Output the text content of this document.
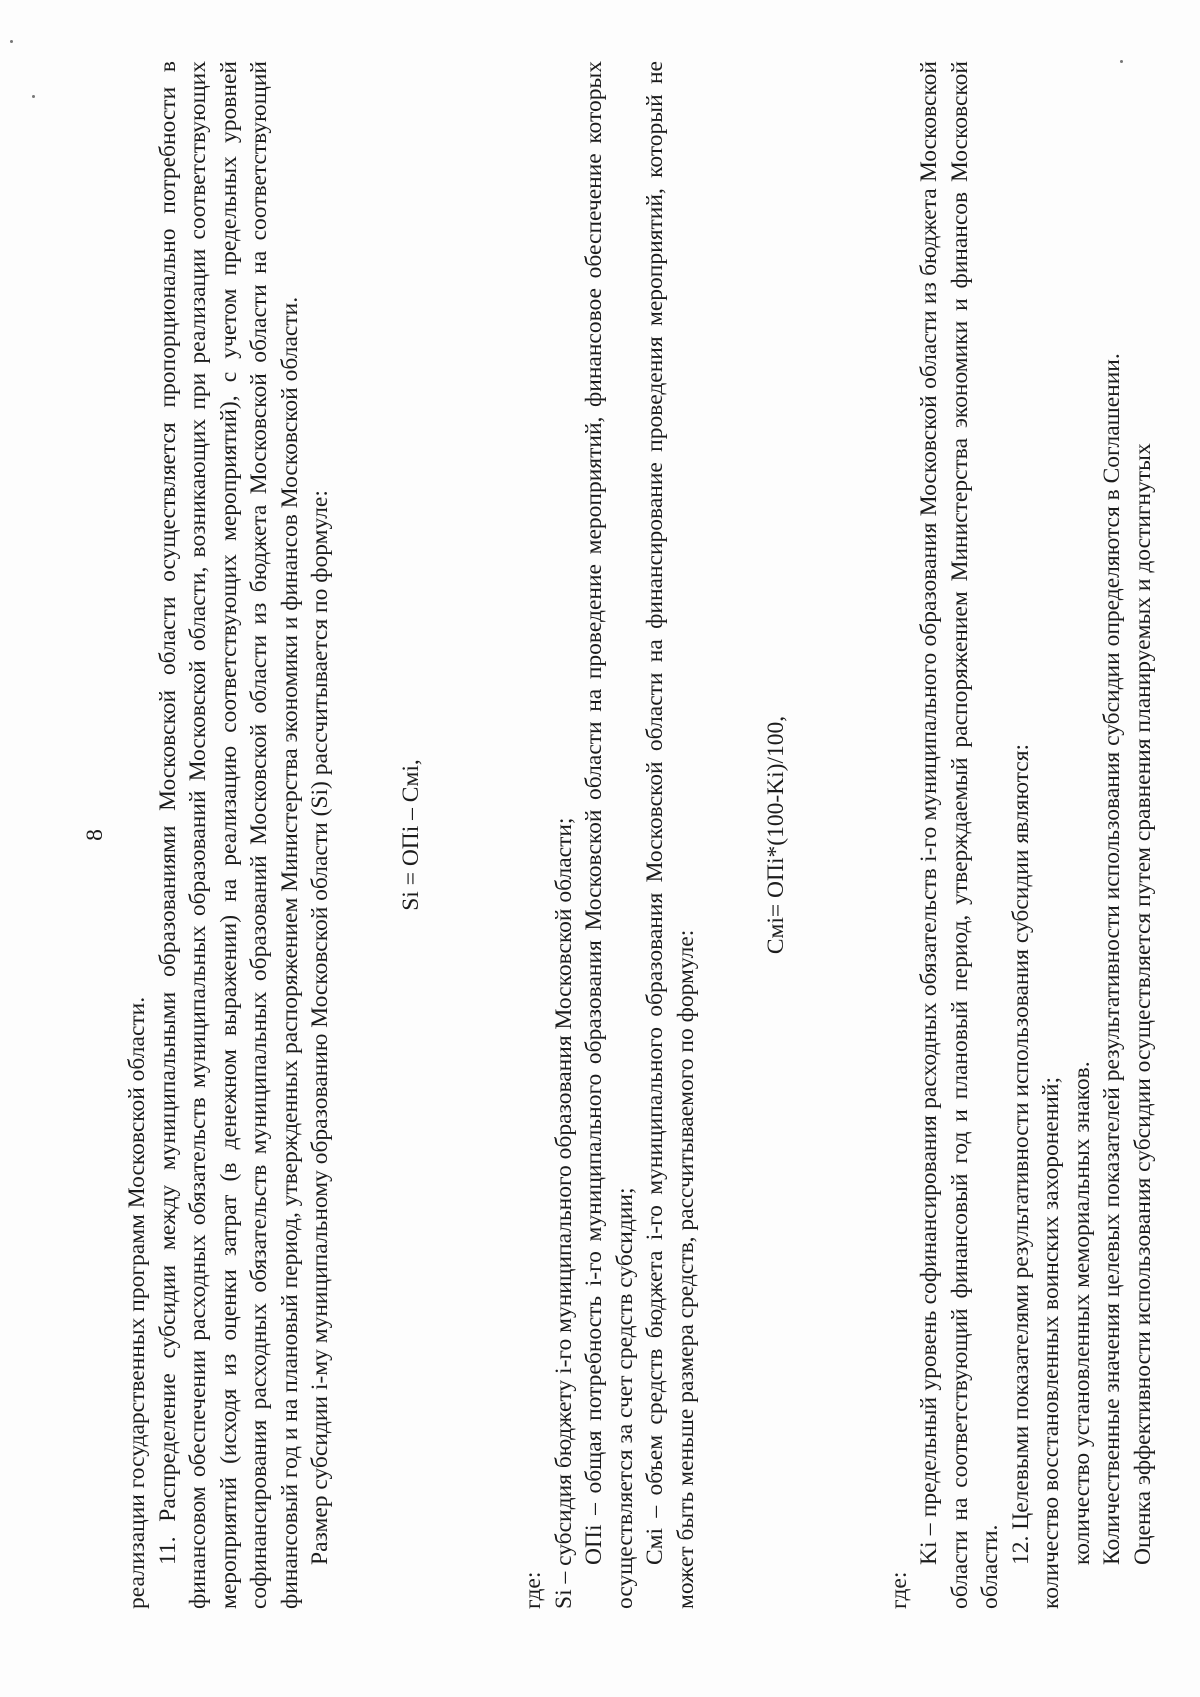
8

реализации государственных программ Московской области. 11. Распределение субсидии между муниципальными образованиями Московской области осуществляется пропорционально потребности в финансовом обеспечении расходных обязательств муниципальных образований Московской области, возникающих при реализации соответствующих мероприятий (исходя из оценки затрат (в денежном выражении) на реализацию соответствующих мероприятий), с учетом предельных уровней софинансирования расходных обязательств муниципальных образований Московской области из бюджета Московской области на соответствующий финансовый год и на плановый период, утвержденных распоряжением Министерства экономики и финансов Московской области. Размер субсидии i-му муниципальному образованию Московской области (Si) рассчитывается по формуле:	Si = ОПi – Смi,

где: Si – субсидия бюджету i-го муниципального образования Московской области; ОПi – общая потребность i-го муниципального образования Московской области на проведение мероприятий, финансовое обеспечение которых осуществляется за счет средств субсидии; Смi – объем средств бюджета i-го муниципального образования Московской области на финансирование проведения мероприятий, который не может быть меньше размера средств, рассчитываемого по формуле:

Смi= ОПi*(100-Ki)/100,

где:

Ki – предельный уровень софинансирования расходных обязательств i-го муниципального образования Московской области из бюджета Московской области на соответствующий финансовый год и плановый период, утверждаемый распоряжением Министерства экономики и финансов Московской области.

12. Целевыми показателями результативности использования субсидии являются: количество восстановленных воинских захоронений; количество установленных мемориальных знаков. Количественные значения целевых показателей результативности использования субсидии определяются в Соглашении. Оценка эффективности использования субсидии осуществляется путем сравнения планируемых и достигнутых
